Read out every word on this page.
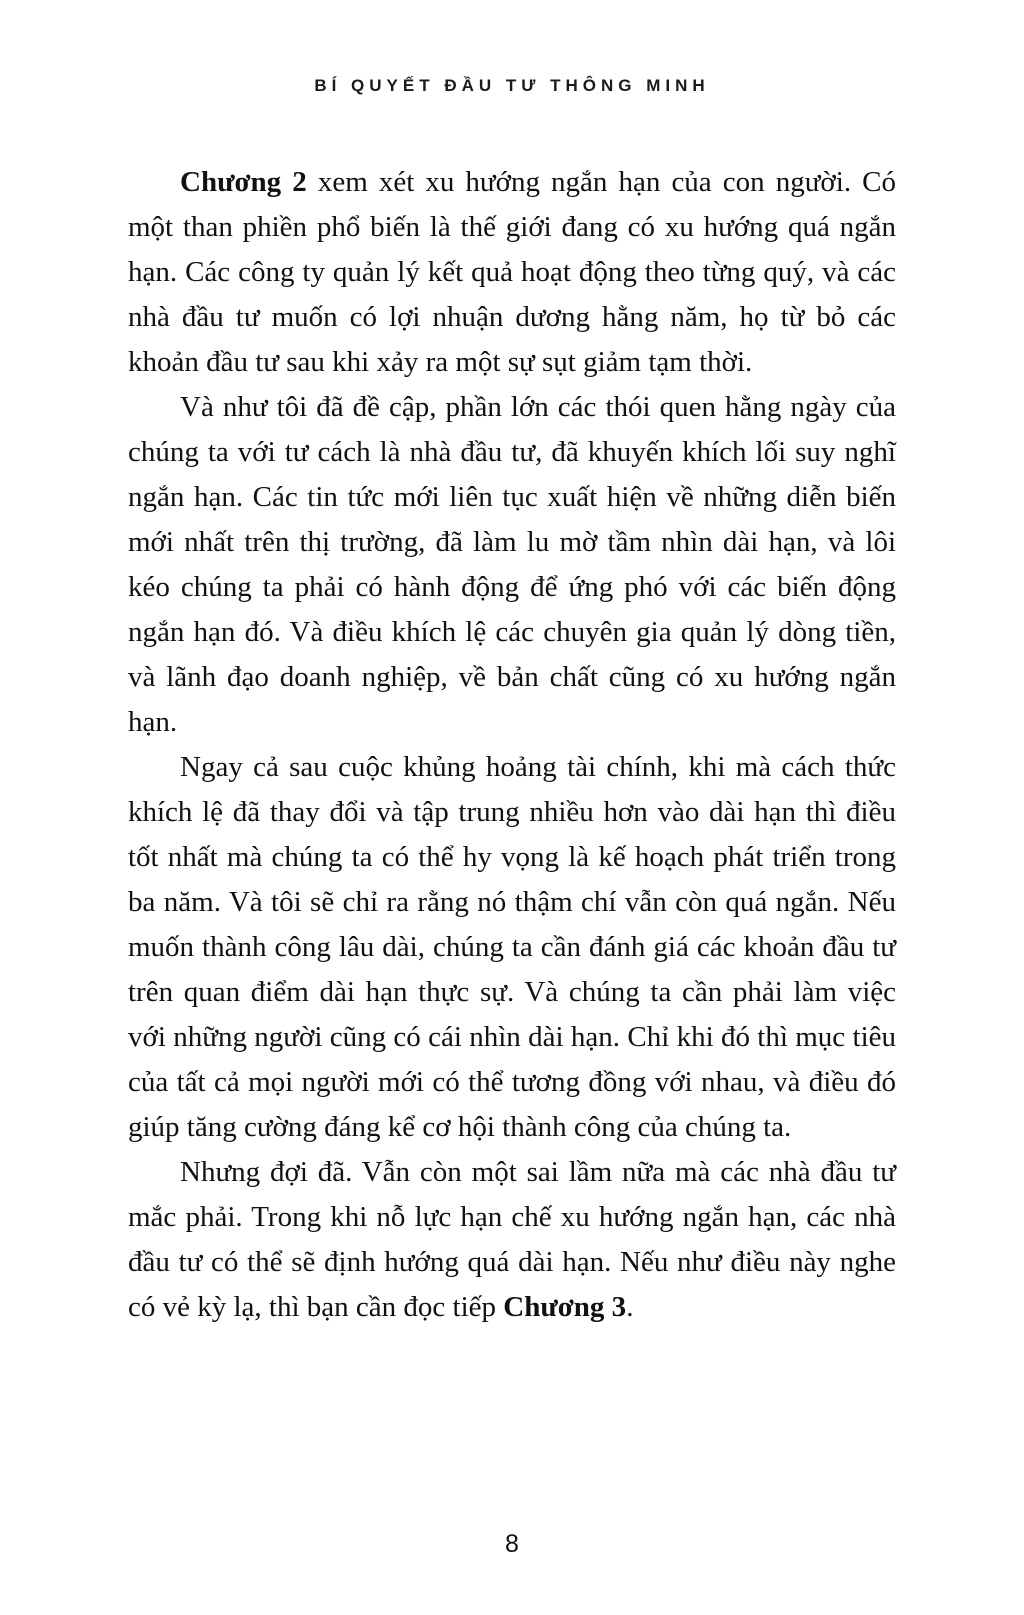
BÍ QUYẾT ĐẦU TƯ THÔNG MINH

Chương 2 xem xét xu hướng ngắn hạn của con người. Có một than phiền phổ biến là thế giới đang có xu hướng quá ngắn hạn. Các công ty quản lý kết quả hoạt động theo từng quý, và các nhà đầu tư muốn có lợi nhuận dương hằng năm, họ từ bỏ các khoản đầu tư sau khi xảy ra một sự sụt giảm tạm thời.

Và như tôi đã đề cập, phần lớn các thói quen hằng ngày của chúng ta với tư cách là nhà đầu tư, đã khuyến khích lối suy nghĩ ngắn hạn. Các tin tức mới liên tục xuất hiện về những diễn biến mới nhất trên thị trường, đã làm lu mờ tầm nhìn dài hạn, và lôi kéo chúng ta phải có hành động để ứng phó với các biến động ngắn hạn đó. Và điều khích lệ các chuyên gia quản lý dòng tiền, và lãnh đạo doanh nghiệp, về bản chất cũng có xu hướng ngắn hạn.

Ngay cả sau cuộc khủng hoảng tài chính, khi mà cách thức khích lệ đã thay đổi và tập trung nhiều hơn vào dài hạn thì điều tốt nhất mà chúng ta có thể hy vọng là kế hoạch phát triển trong ba năm. Và tôi sẽ chỉ ra rằng nó thậm chí vẫn còn quá ngắn. Nếu muốn thành công lâu dài, chúng ta cần đánh giá các khoản đầu tư trên quan điểm dài hạn thực sự. Và chúng ta cần phải làm việc với những người cũng có cái nhìn dài hạn. Chỉ khi đó thì mục tiêu của tất cả mọi người mới có thể tương đồng với nhau, và điều đó giúp tăng cường đáng kể cơ hội thành công của chúng ta.

Nhưng đợi đã. Vẫn còn một sai lầm nữa mà các nhà đầu tư mắc phải. Trong khi nỗ lực hạn chế xu hướng ngắn hạn, các nhà đầu tư có thể sẽ định hướng quá dài hạn. Nếu như điều này nghe có vẻ kỳ lạ, thì bạn cần đọc tiếp Chương 3.

8
